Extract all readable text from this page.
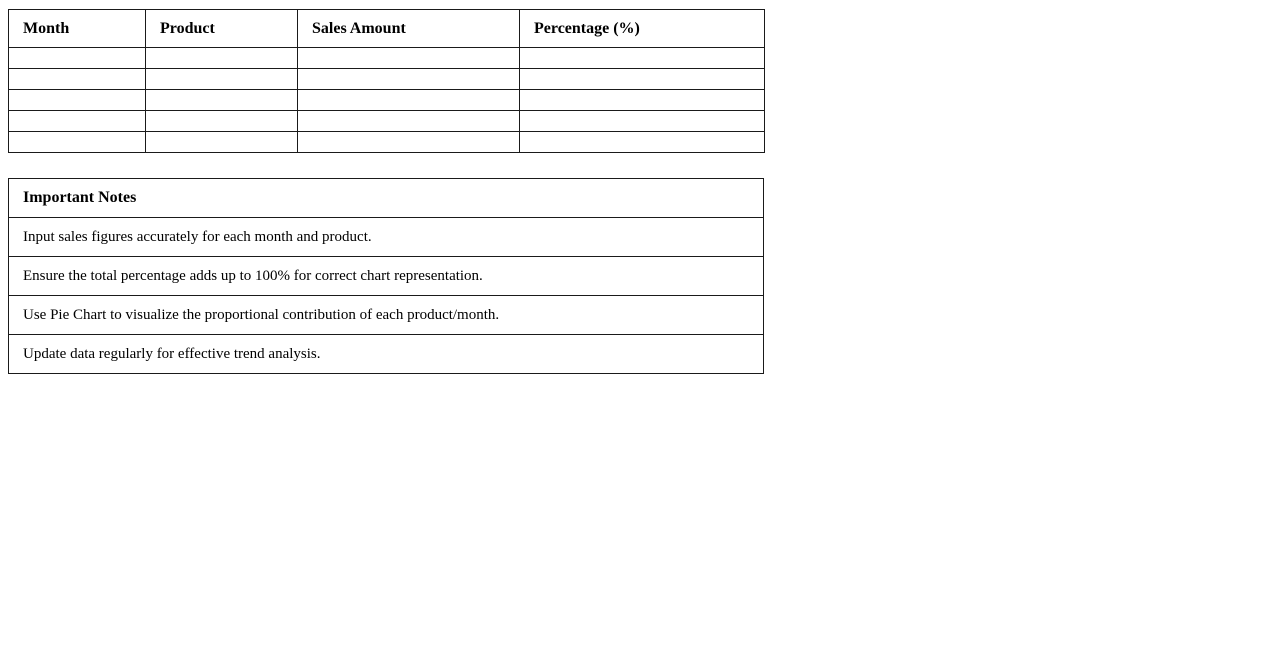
Month	Product	Sales Amount	Percentage (%)

Important Notes
Input sales figures accurately for each month and product.
Ensure the total percentage adds up to 100% for correct chart representation.
Use Pie Chart to visualize the proportional contribution of each product/month.
Update data regularly for effective trend analysis.
